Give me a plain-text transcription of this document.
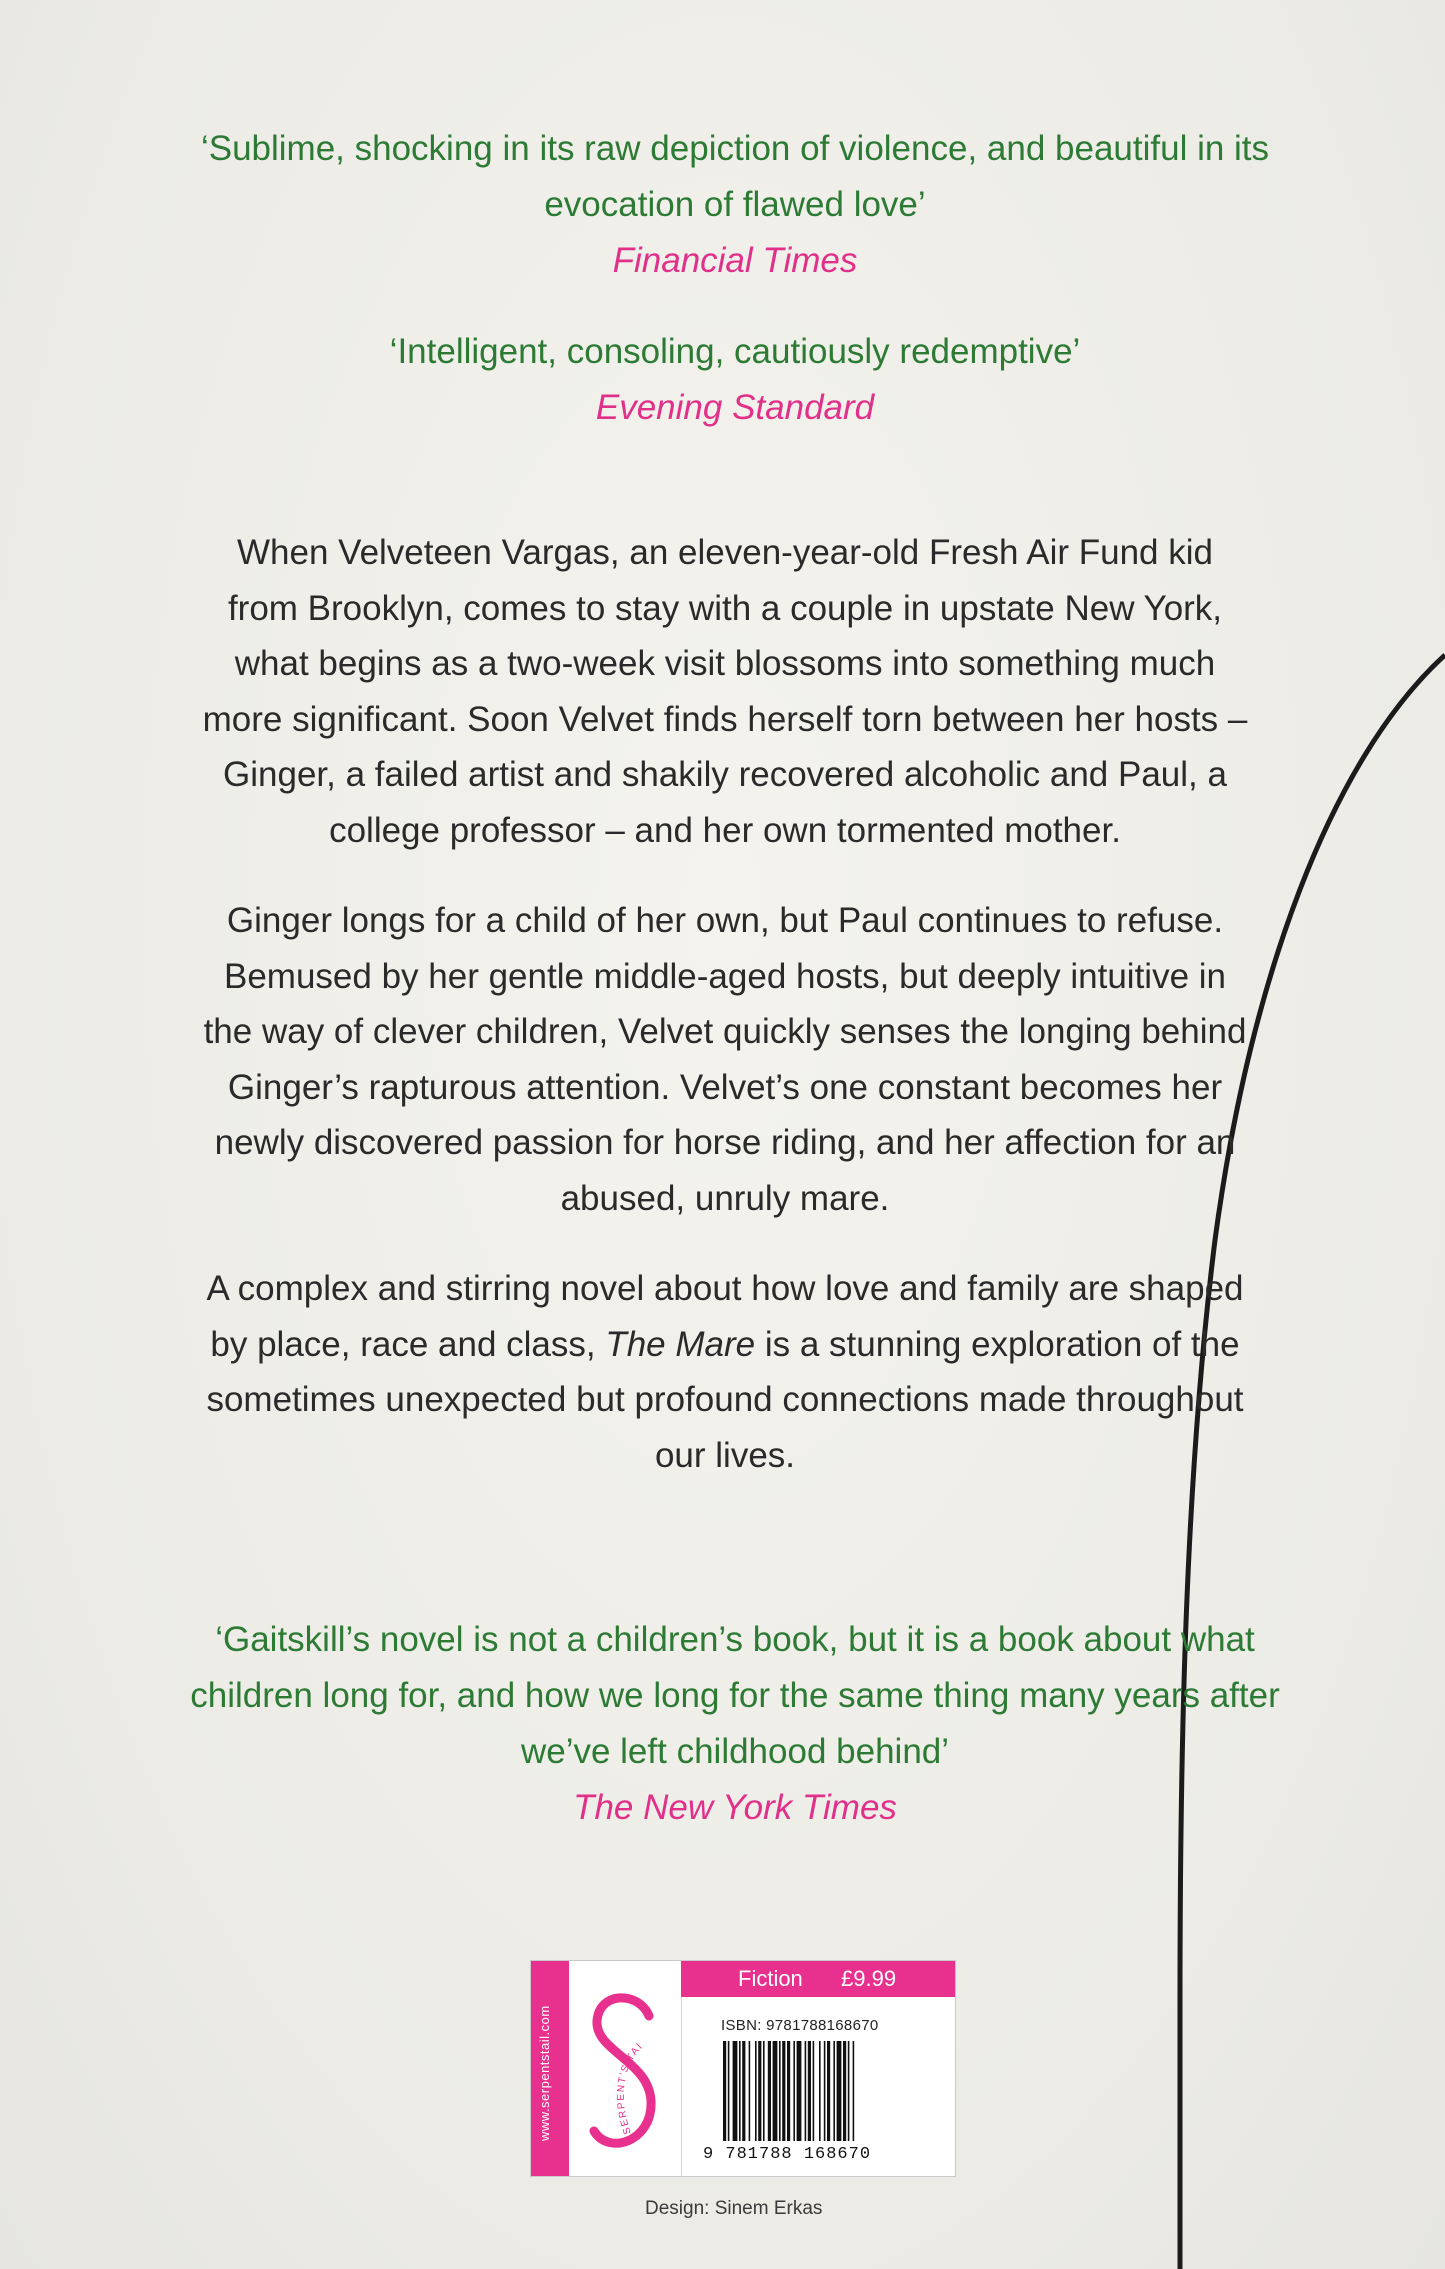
‘Sublime, shocking in its raw depiction of violence, and beautiful in its evocation of flawed love’

Financial Times

‘Intelligent, consoling, cautiously redemptive’

Evening Standard

When Velveteen Vargas, an eleven-year-old Fresh Air Fund kid from Brooklyn, comes to stay with a couple in upstate New York, what begins as a two-week visit blossoms into something much more significant. Soon Velvet finds herself torn between her hosts – Ginger, a failed artist and shakily recovered alcoholic and Paul, a college professor – and her own tormented mother.

Ginger longs for a child of her own, but Paul continues to refuse. Bemused by her gentle middle-aged hosts, but deeply intuitive in the way of clever children, Velvet quickly senses the longing behind Ginger’s rapturous attention. Velvet’s one constant becomes her newly discovered passion for horse riding, and her affection for an abused, unruly mare.

A complex and stirring novel about how love and family are shaped by place, race and class, The Mare is a stunning exploration of the sometimes unexpected but profound connections made throughout our lives.

‘Gaitskill’s novel is not a children’s book, but it is a book about what children long for, and how we long for the same thing many years after we’ve left childhood behind’

The New York Times

www.serpentstail.com	SERPENT'S TAI
Fiction £9.99
ISBN: 9781788168670
9 781788 168670
Design: Sinem Erkas
